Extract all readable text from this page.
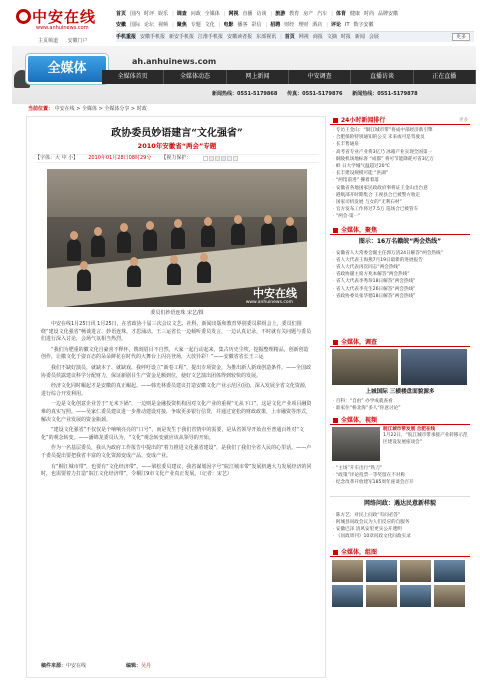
中安在线
www.anhuinews.com
主页频道 安徽门户
首页 国内 时评 娱乐 | 调查 问政 全媒体 | 网视 直播 访谈 | 旅游 教育 房产 汽车 | 体育 健康 时尚 品牌安徽
安徽 国际 论坛 视频 | 聚焦 专题 文化 | 电影 播客 彩信 | 招聘 财经 理财 酒店 | 评论 IT 数字安徽
手机重报 安徽手机报 新安手机报 江淮手机报 安徽读者报 东部视讯 | 首页 网视 商报 文摘 时报 新闻 会展	更多
全媒体	ah.anhuinews.com
全媒体首页	全媒体动态	网上新闻	中安调查	直播访谈	正在直播
新闻热线：0551-5179868 传真：0551-5179876 新闻热线：0551-5179878
当前位置： 中安在线 > 全媒体 > 全媒体分享 > 时政
政协委员妙语建言“文化强省”
2010年安徽省“两会”专题
【字体：大 中 小】 2010年01月28日08时29分 【视力保护：
中安在线
www.anhuinews.com
委员们妙语连珠 宋艺/摄

中安在线1月25日讯 1月25日，在省政协十届三次会议文艺、社科、新闻出版和教育界别委员联组会上，委员们围绕“建设文化强省”畅谈进言、妙语连珠，才思涌动。王三运省长一边倾听委员发言，一边认真记录，不时就有关问题与委员们进行深入讨论，会场气氛相当热烈。

“我们为肥重的徽文化自豪喜不释怀，镌刻眉目不自然，大家一起行动起来，集古历史尘埃，挖掘整理精品，创新创造创作，让徽文化千姿百态的朵朵鲜花在时代的大舞台上闪亮登场，大放异彩！”——安徽省省长王三运

我们不缺好演员，就缺本子、就缺戏。我呼吁设立“新卷工程”，提出专项资金，为推出新人新戏创造条件。——全国政协委员侯露建议科学分配财力，保证新剧目生产资金足额到位，使好文艺演出团体得到较快的发展。

经济文化同时崛起才是安徽的真正崛起。——韩光林委员建议打造安徽文化产业示范区(园)，深入发展全省文化资源，进行综合开发利用。

一边是文化创意企业苦于“无米下锅”，一边则是金融投资机构因对文化产业的重视“无从下口”，这是文化产业项目融资难的真实写照。——吴家仁委员建议进一步推动建设对接，争取更多银行信贷，并通过宽松的财政政策，上市融资等形式，解决文化产业发展的资金瓶颈。

“建设文化强省”不仅仅是个响响亮亮的“口号”，而是发生于我们省情中的需要，是从省领导开始直至普通百姓对“文化”的观念转变。——潘锦龙委员认为，“文化”观念转变就应该从领导的开始。

作为一名基层委员，我认为政府工作报告中提出的“着力推进文化强省建设”，是我们了我们全省人民的心里话。——卢千委员提出要把我省丰富的文化资源变成产品、变成产业。

有“桐江城市带”，也要有“文化经济带”。——梁松委员建议，我省谋划因字号“皖江城市带”发展机遇大力发展经济的同时，也需要着力打造“皖江文化经济带”，令桐江9市文化产业真正发展。（记者：宋艺）

稿件来源：中安在线	编辑：吴丹
24小时新闻排行	更多
· 专访王金山：“铜江城市带”将成中部经济新引擎
· 合肥保险特别通知的公交 未来或可是驾驶员
· 长丰售通泉
· 高考省专业产业将3亿乃 冰箱产业实现全国第一
· 铜陵机场地标客 “成都” 将可节能降耗可省3亿万
· 蚌 日大学城气温超过20℃
· 长丰建设规模可能 “洪湖”
· “两馆前进” 操着着落
· 安徽省各地国家民政政府事将证王金山出台意
· 港航部开时期集合 王视县合已被警方收定
· 国家司机发展 与女的“无利石材”
· 官方发布工作将过7.5万 巡场合已被管车
· “两会·第一”
全媒体，聚焦
图示：16万名赣皖“两会热线”
· 安徽省人大常委会副主任郭万清24日解答“两会热线”
· 省人大代表王海燕7月19日最新的进展报告
· 省人大代表再次同志“两会热线”
· 省政协副主席方兆本解答“两会热线”
· 省人大代表李秀珍18日解答“两会热线”
· 省人大代表李克生26日解答“两会热线”
· 省政协委员张华德18日解答“两会热线”
全媒体，调查
上城国际 三横楼盘面貌源多
· 百科：“自由” 办学成就查看
· 谁家住“桥北海”多人“你意讨论”
全媒体，视频
皖江城市带发展 合肥在线
1月22日，“皖江城市带承接产业转移示范区建设发展座谈会”
· “主场”开车出行“铁刀”
· “政策”评论投票一等奖留在不对称
· 纪念改革开放建军185周年座谈会召开
网络问政：遇达民意新样貌
· 陈方艺：对民上问政“有问必答”
· 阿城县问政会议为人们反应的自服务
· 安徽巴泽 清风安里更实公开透明
· 《问政周刊》10章问政文化问政实录
全媒体，组图
